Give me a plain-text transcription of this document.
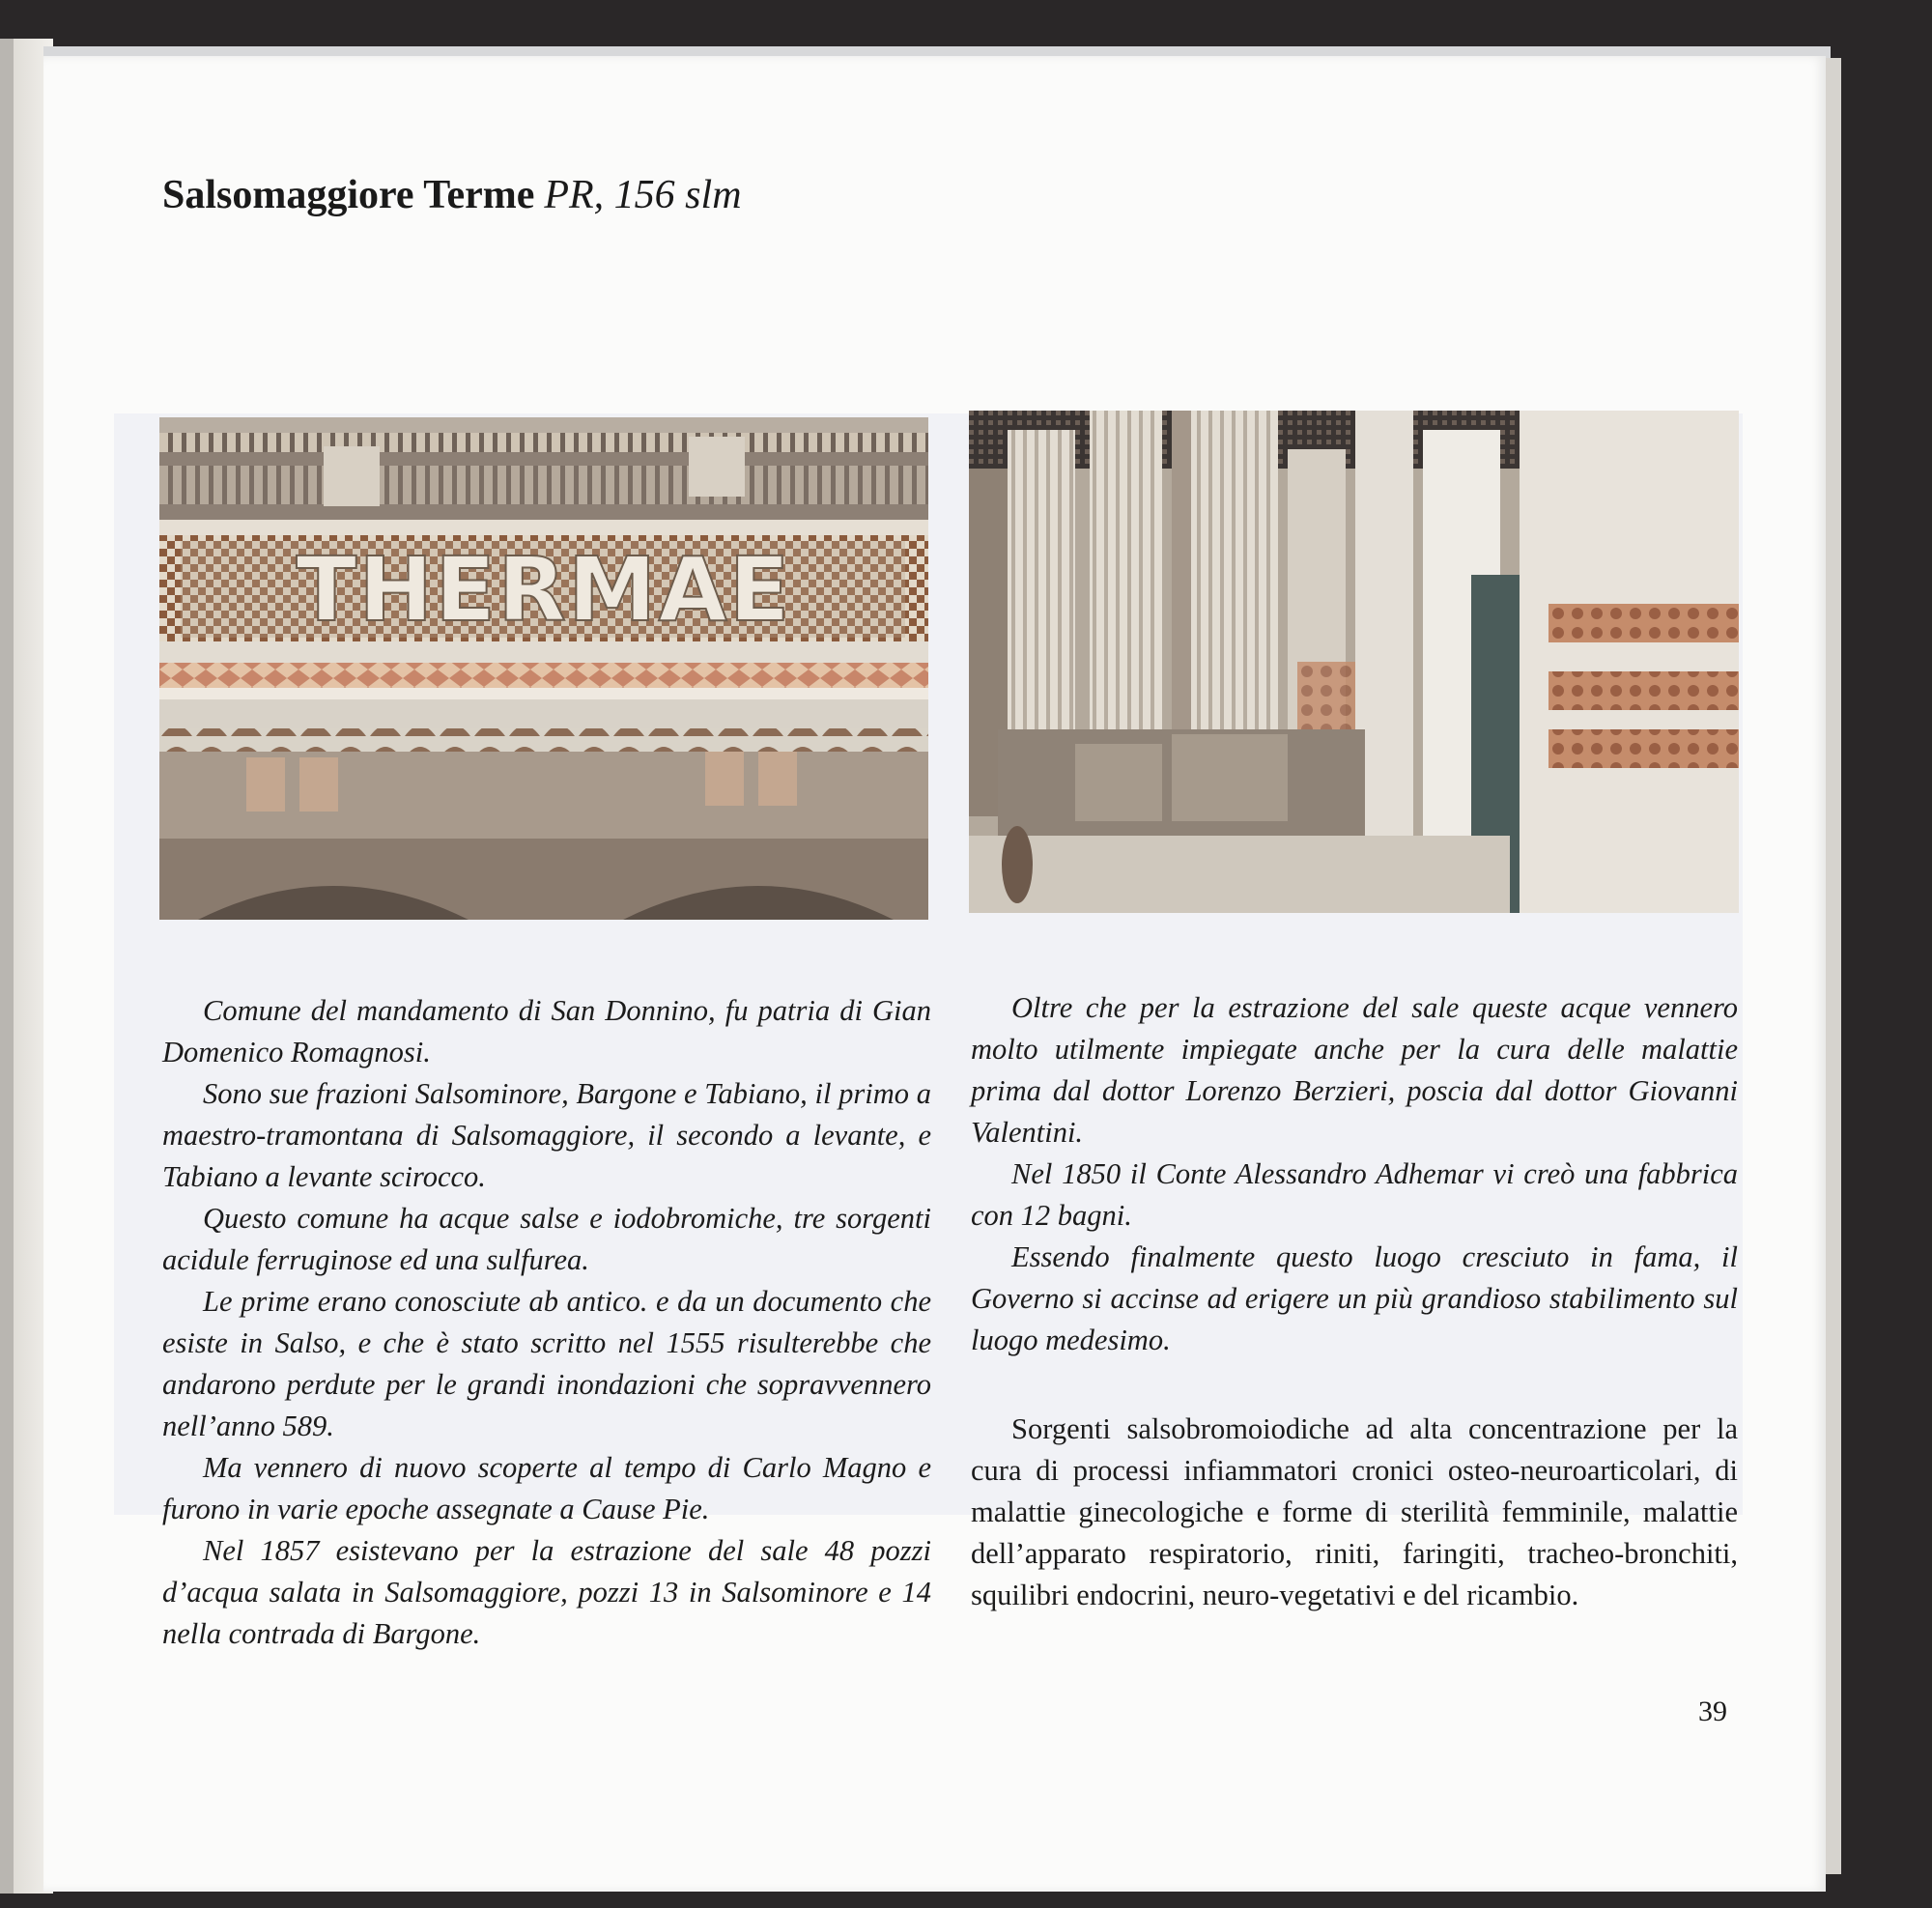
Salsomaggiore Terme PR, 156 slm
THERMAE

Comune del mandamento di San Donnino, fu patria di Gian Domenico Romagnosi.

Sono sue frazioni Salsominore, Bargone e Tabiano, il primo a maestro-tramontana di Salsomaggiore, il secondo a levante, e Tabiano a levante scirocco.

Questo comune ha acque salse e iodobromiche, tre sorgenti acidule ferruginose ed una sulfurea.

Le prime erano conosciute ab antico. e da un documento che esiste in Salso, e che è stato scritto nel 1555 risulterebbe che andarono perdute per le grandi inondazioni che sopravvennero nell’anno 589.

Ma vennero di nuovo scoperte al tempo di Carlo Magno e furono in varie epoche assegnate a Cause Pie.

Nel 1857 esistevano per la estrazione del sale 48 pozzi d’acqua salata in Salsomaggiore, pozzi 13 in Salsominore e 14 nella contrada di Bargone.

Oltre che per la estrazione del sale queste acque vennero molto utilmente impiegate anche per la cura delle malattie prima dal dottor Lorenzo Berzieri, poscia dal dottor Giovanni Valentini.

Nel 1850 il Conte Alessandro Adhemar vi creò una fabbrica con 12 bagni.

Essendo finalmente questo luogo cresciuto in fama, il Governo si accinse ad erigere un più grandioso stabilimento sul luogo medesimo.

Sorgenti salsobromoiodiche ad alta concentrazione per la cura di processi infiammatori cronici osteo-neuroarticolari, di malattie ginecologiche e forme di sterilità femminile, malattie dell’apparato respiratorio, riniti, faringiti, tracheo-bronchiti, squilibri endocrini, neuro-vegetativi e del ricambio.

39
